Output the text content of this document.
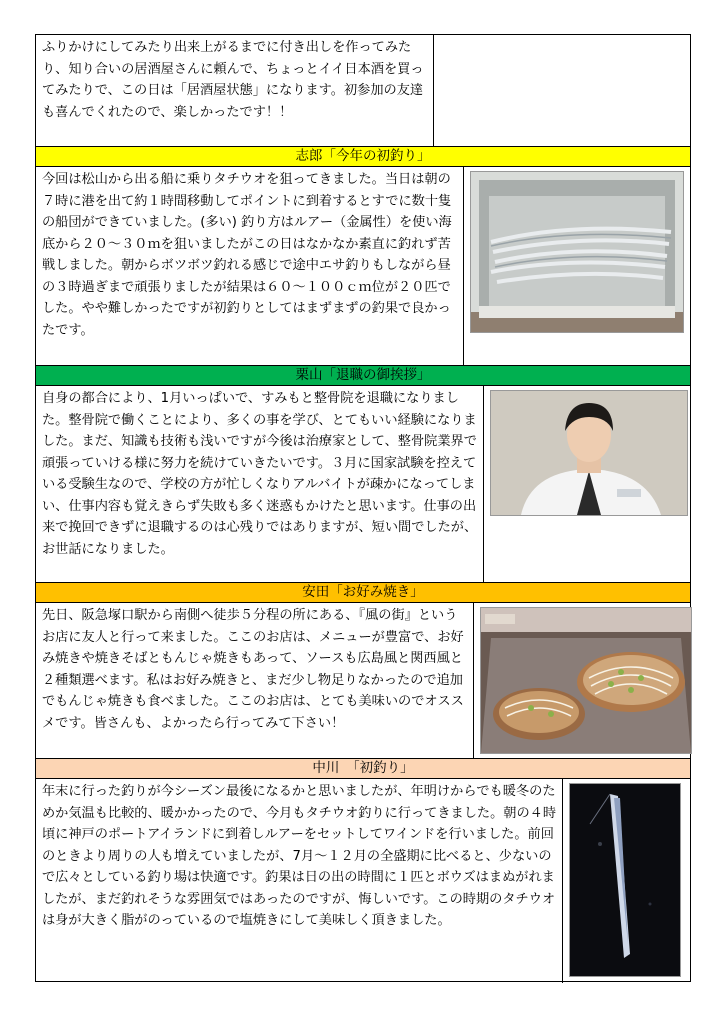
ふりかけにしてみたり出来上がるまでに付き出しを作ってみたり、知り合いの居酒屋さんに頼んで、ちょっとイイ日本酒を買ってみたりで、この日は「居酒屋状態」になります。初参加の友達も喜んでくれたので、楽しかったです！！
志郎「今年の初釣り」
今回は松山から出る船に乗りタチウオを狙ってきました。当日は朝の７時に港を出て約１時間移動してポイントに到着するとすでに数十隻の船団ができていました。(多い) 釣り方はルアー（金属性）を使い海底から２０～３０ｍを狙いましたがこの日はなかなか素直に釣れず苦戦しました。朝からボツボツ釣れる感じで途中エサ釣りもしながら昼の３時過ぎまで頑張りましたが結果は６０～１００ｃｍ位が２０匹でした。やや難しかったですが初釣りとしてはまずまずの釣果で良かったです。
栗山「退職の御挨拶」
自身の都合により、1月いっぱいで、すみもと整骨院を退職になりました。整骨院で働くことにより、多くの事を学び、とてもいい経験になりました。まだ、知識も技術も浅いですが今後は治療家として、整骨院業界で頑張っていける様に努力を続けていきたいです。３月に国家試験を控えている受験生なので、学校の方が忙しくなりアルバイトが疎かになってしまい、仕事内容も覚えきらず失敗も多く迷惑もかけたと思います。仕事の出来で挽回できずに退職するのは心残りではありますが、短い間でしたが、お世話になりました。
安田「お好み焼き」
先日、阪急塚口駅から南側へ徒歩５分程の所にある、『風の街』というお店に友人と行って来ました。ここのお店は、メニューが豊富で、お好み焼きや焼きそばともんじゃ焼きもあって、ソースも広島風と関西風と２種類選べます。私はお好み焼きと、まだ少し物足りなかったので追加でもんじゃ焼きも食べました。ここのお店は、とても美味いのでオススメです。皆さんも、よかったら行ってみて下さい！
中川　「初釣り」
年末に行った釣りが今シーズン最後になるかと思いましたが、年明けからでも暖冬のためか気温も比較的、暖かかったので、今月もタチウオ釣りに行ってきました。朝の４時頃に神戸のポートアイランドに到着しルアーをセットしてワインドを行いました。前回のときより周りの人も増えていましたが、7月～１２月の全盛期に比べると、少ないので広々としている釣り場は快適です。釣果は日の出の時間に１匹とボウズはまぬがれましたが、まだ釣れそうな雰囲気ではあったのですが、悔しいです。この時期のタチウオは身が大きく脂がのっているので塩焼きにして美味しく頂きました。
